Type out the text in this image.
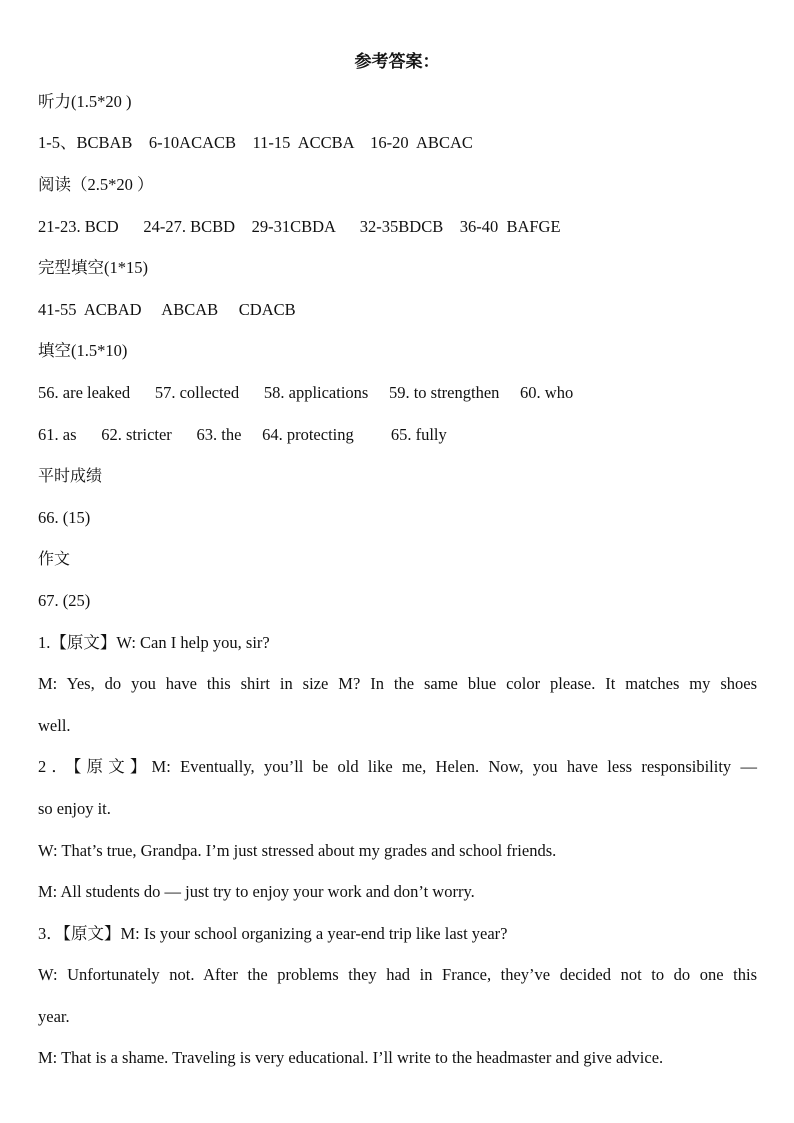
参考答案：
听力(1.5*20 )
1-5、BCBAB    6-10ACACB    11-15  ACCBA    16-20  ABCAC
阅读（2.5*20 ）
21-23. BCD      24-27. BCBD    29-31CBDA      32-35BDCB    36-40  BAFGE
完型填空(1*15)
41-55  ACBAD     ABCAB     CDACB
填空(1.5*10)
56. are leaked      57. collected      58. applications     59. to strengthen     60. who
61. as      62. stricter      63. the     64. protecting         65. fully
平时成绩
66. (15)
作文
67. (25)
1.【原文】W: Can I help you, sir?
M: Yes, do you have this shirt in size M? In the same blue color please. It matches my shoes
well.
2．【原文】M: Eventually, you’ll be old like me, Helen. Now, you have less responsibility —
so enjoy it.
W: That’s true, Grandpa. I’m just stressed about my grades and school friends.
M: All students do — just try to enjoy your work and don’t worry.
3．【原文】M: Is your school organizing a year-end trip like last year?
W: Unfortunately not. After the problems they had in France, they’ve decided not to do one this
year.
M: That is a shame. Traveling is very educational. I’ll write to the headmaster and give advice.
